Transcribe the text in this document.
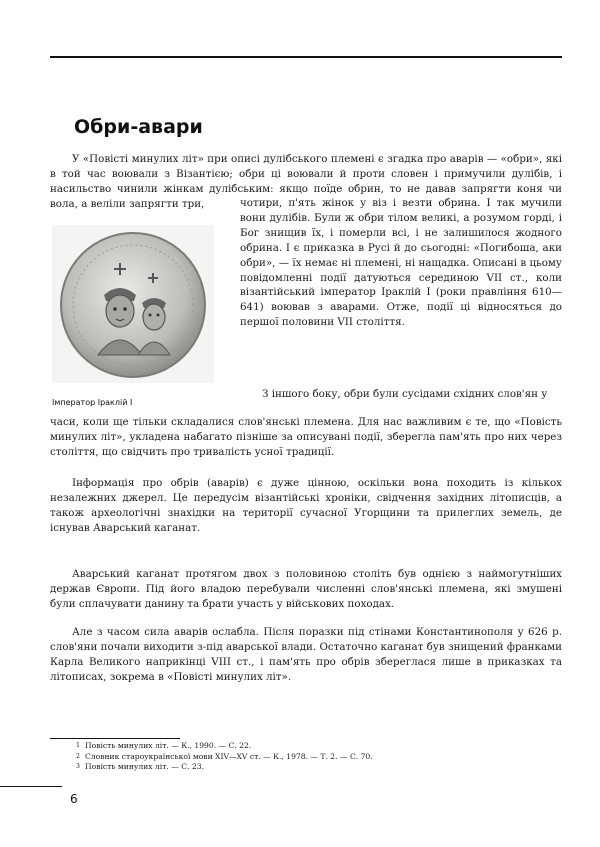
Обри-авари

У «Повісті минулих літ» при описі дулібського племені є згадка про аварів — «обри», які в той час воювали з Візантією; обри ці воювали й проти словен і примучили дулібів, і насильство чинили жінкам дулібським: якщо поїде обрин, то не давав запрягти коня чи вола, а веліли запрягти три,

Імператор Іраклій І

чотири, п'ять жінок у віз і везти обрина. І так мучили вони дулібів. Були ж обри тілом великі, а розумом горді, і Бог знищив їх, і померли всі, і не залишилося жодного обрина. І є приказка в Русі й до сьогодні: «Погибоша, аки обри», — їх немає ні племені, ні нащадка. Описані в цьому повідомленні події датуються серединою VII ст., коли візантійський імператор Іраклій І (роки правління 610—641) воював з аварами. Отже, події ці відносяться до першої половини VII століття.

З іншого боку, обри були сусідами східних слов'ян у

часи, коли ще тільки складалися слов'янські племена. Для нас важливим є те, що «Повість минулих літ», укладена набагато пізніше за описувані події, зберегла пам'ять про них через століття, що свідчить про тривалість усної традиції.

Інформація про обрів (аварів) є дуже цінною, оскільки вона походить із кількох незалежних джерел. Це передусім візантійські хроніки, свідчення західних літописців, а також археологічні знахідки на території сучасної Угорщини та прилеглих земель, де існував Аварський каганат.

Аварський каганат протягом двох з половиною століть був однією з наймогутніших держав Європи. Під його владою перебували численні слов'янські племена, які змушені були сплачувати данину та брати участь у військових походах.

Але з часом сила аварів ослабла. Після поразки під стінами Константинополя у 626 р. слов'яни почали виходити з-під аварської влади. Остаточно каганат був знищений франками Карла Великого наприкінці VIII ст., і пам'ять про обрів збереглася лише в приказках та літописах, зокрема в «Повісті минулих літ».

1 Повість минулих літ. — К., 1990. — С. 22.
2 Словник староукраїнської мови XIV—XV ст. — К., 1978. — Т. 2. — С. 70.
3 Повість минулих літ. — С. 23.

6
